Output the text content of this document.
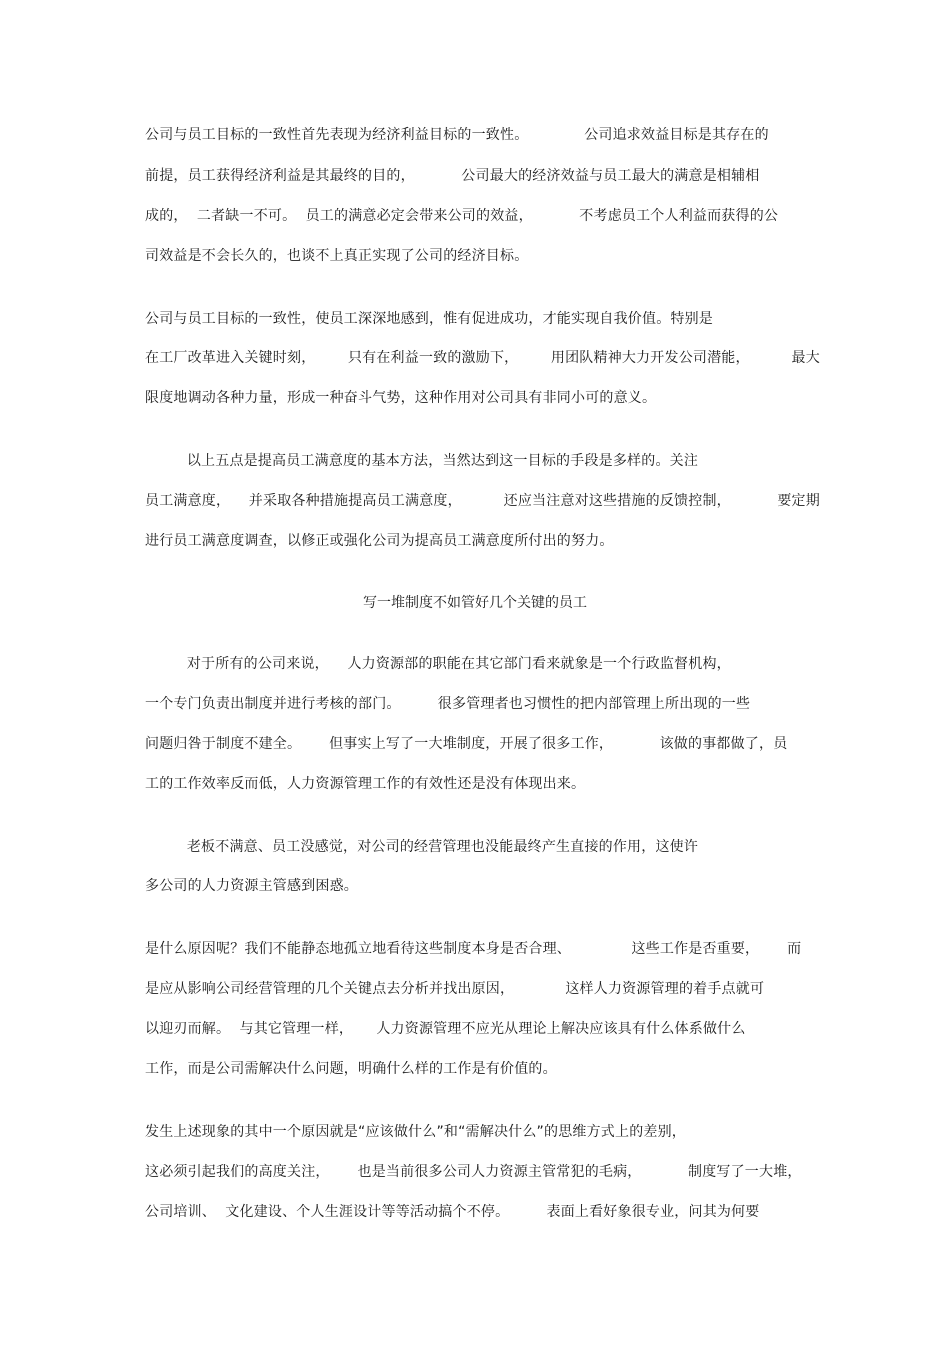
公司与员工目标的一致性首先表现为经济利益目标的一致性。            公司追求效益目标是其存在的
前提，员工获得经济利益是其最终的目的，          公司最大的经济效益与员工最大的满意是相辅相
成的，  二者缺一不可。  员工的满意必定会带来公司的效益，          不考虑员工个人利益而获得的公
司效益是不会长久的，也谈不上真正实现了公司的经济目标。
公司与员工目标的一致性，使员工深深地感到，惟有促进成功，才能实现自我价值。特别是
在工厂改革进入关键时刻，       只有在利益一致的激励下，       用团队精神大力开发公司潜能，         最大
限度地调动各种力量，形成一种奋斗气势，这种作用对公司具有非同小可的意义。
以上五点是提高员工满意度的基本方法，当然达到这一目标的手段是多样的。关注
员工满意度，    并采取各种措施提高员工满意度，         还应当注意对这些措施的反馈控制，          要定期
进行员工满意度调查，以修正或强化公司为提高员工满意度所付出的努力。
写一堆制度不如管好几个关键的员工
对于所有的公司来说，    人力资源部的职能在其它部门看来就象是一个行政监督机构，
一个专门负责出制度并进行考核的部门。        很多管理者也习惯性的把内部管理上所出现的一些
问题归咎于制度不建全。      但事实上写了一大堆制度，开展了很多工作，          该做的事都做了，员
工的工作效率反而低，人力资源管理工作的有效性还是没有体现出来。
老板不满意、员工没感觉，对公司的经营管理也没能最终产生直接的作用，这使许
多公司的人力资源主管感到困惑。
是什么原因呢？我们不能静态地孤立地看待这些制度本身是否合理、             这些工作是否重要，      而
是应从影响公司经营管理的几个关键点去分析并找出原因，           这样人力资源管理的着手点就可
以迎刃而解。  与其它管理一样，     人力资源管理不应光从理论上解决应该具有什么体系做什么
工作，而是公司需解决什么问题，明确什么样的工作是有价值的。
发生上述现象的其中一个原因就是“应该做什么”和“需解决什么”的思维方式上的差别，
这必须引起我们的高度关注，      也是当前很多公司人力资源主管常犯的毛病，          制度写了一大堆，
公司培训、  文化建设、个人生涯设计等等活动搞个不停。        表面上看好象很专业，问其为何要
